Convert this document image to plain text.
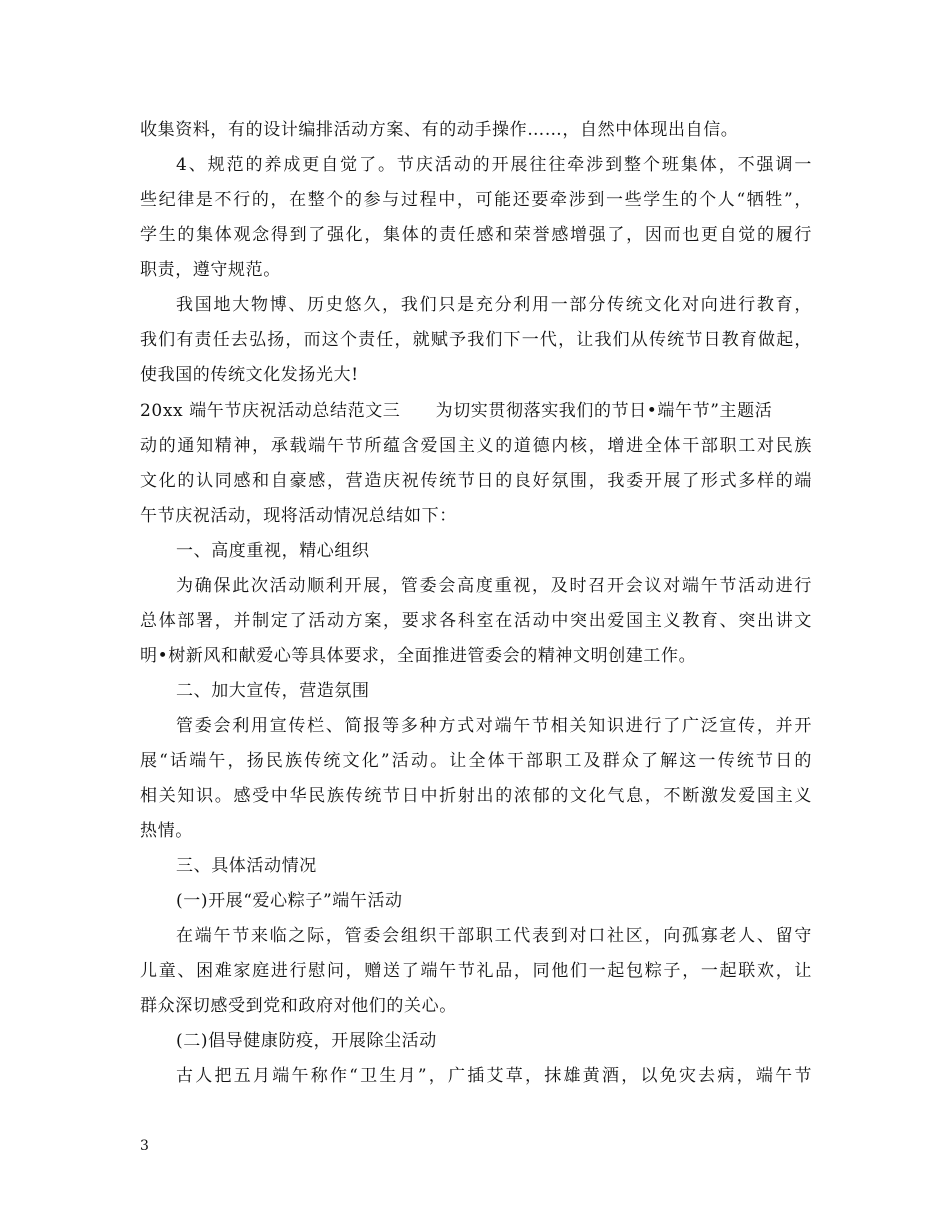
收集资料，有的设计编排活动方案、有的动手操作……，自然中体现出自信。
4、规范的养成更自觉了。节庆活动的开展往往牵涉到整个班集体，不强调一
些纪律是不行的，在整个的参与过程中，可能还要牵涉到一些学生的个人“牺牲”，
学生的集体观念得到了强化，集体的责任感和荣誉感增强了，因而也更自觉的履行
职责，遵守规范。
我国地大物博、历史悠久，我们只是充分利用一部分传统文化对向进行教育，
我们有责任去弘扬，而这个责任，就赋予我们下一代，让我们从传统节日教育做起，
使我国的传统文化发扬光大!
20xx 端午节庆祝活动总结范文三　　为切实贯彻落实我们的节日•端午节”主题活
动的通知精神，承载端午节所蕴含爱国主义的道德内核，增进全体干部职工对民族
文化的认同感和自豪感，营造庆祝传统节日的良好氛围，我委开展了形式多样的端
午节庆祝活动，现将活动情况总结如下：
一、高度重视，精心组织
为确保此次活动顺利开展，管委会高度重视，及时召开会议对端午节活动进行
总体部署，并制定了活动方案，要求各科室在活动中突出爱国主义教育、突出讲文
明•树新风和献爱心等具体要求，全面推进管委会的精神文明创建工作。
二、加大宣传，营造氛围
管委会利用宣传栏、简报等多种方式对端午节相关知识进行了广泛宣传，并开
展“话端午，扬民族传统文化”活动。让全体干部职工及群众了解这一传统节日的
相关知识。感受中华民族传统节日中折射出的浓郁的文化气息，不断激发爱国主义
热情。
三、具体活动情况
(一)开展“爱心粽子”端午活动
在端午节来临之际，管委会组织干部职工代表到对口社区，向孤寡老人、留守
儿童、困难家庭进行慰问，赠送了端午节礼品，同他们一起包粽子，一起联欢，让
群众深切感受到党和政府对他们的关心。
(二)倡导健康防疫，开展除尘活动
古人把五月端午称作“卫生月”，广插艾草，抹雄黄酒，以免灾去病，端午节
3
